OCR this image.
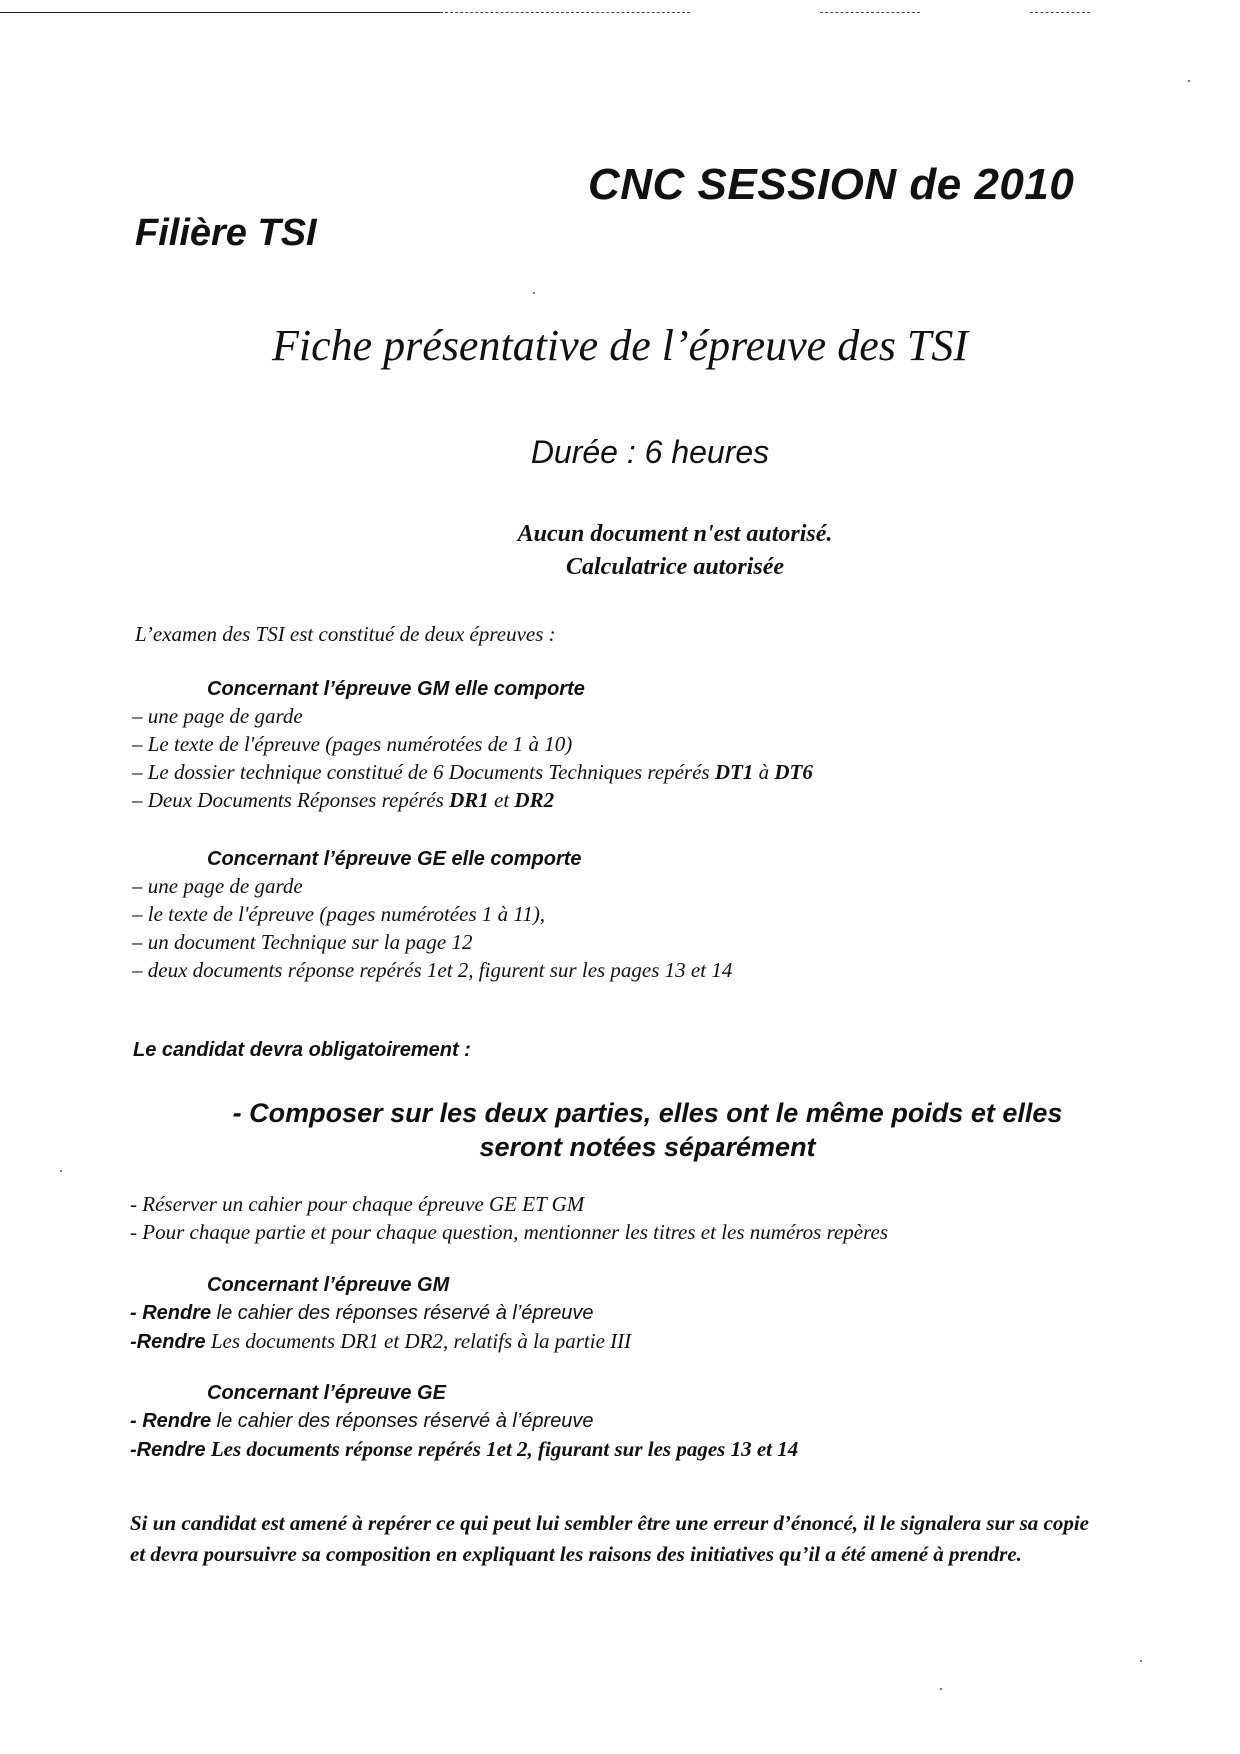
CNC SESSION de 2010
Filière TSI
Fiche présentative de l’épreuve des TSI
Durée : 6 heures
Aucun document n'est autorisé.
Calculatrice autorisée
L’examen des TSI est constitué de deux épreuves :
Concernant l’épreuve GM elle comporte
– une page de garde
– Le texte de l'épreuve (pages numérotées de 1 à 10)
– Le dossier technique constitué de 6 Documents Techniques repérés DT1 à DT6
– Deux Documents Réponses repérés DR1 et DR2
Concernant l’épreuve GE elle comporte
– une page de garde
– le texte de l'épreuve (pages numérotées 1 à 11),
– un document Technique sur la page 12
– deux documents réponse repérés 1et 2, figurent sur les pages 13 et 14
Le candidat devra obligatoirement :
- Composer sur les deux parties, elles ont le même poids et elles
seront notées séparément
- Réserver un cahier pour chaque épreuve GE ET GM
- Pour chaque partie et pour chaque question, mentionner les titres et les numéros repères
Concernant l’épreuve GM
- Rendre le cahier des réponses réservé à l’épreuve
-Rendre Les documents DR1 et DR2, relatifs à la partie III
Concernant l’épreuve GE
- Rendre le cahier des réponses réservé à l’épreuve
-Rendre Les documents réponse repérés 1et 2, figurant sur les pages 13 et 14
Si un candidat est amené à repérer ce qui peut lui sembler être une erreur d’énoncé, il le signalera sur sa copie et devra poursuivre sa composition en expliquant les raisons des initiatives qu’il a été amené à prendre.
